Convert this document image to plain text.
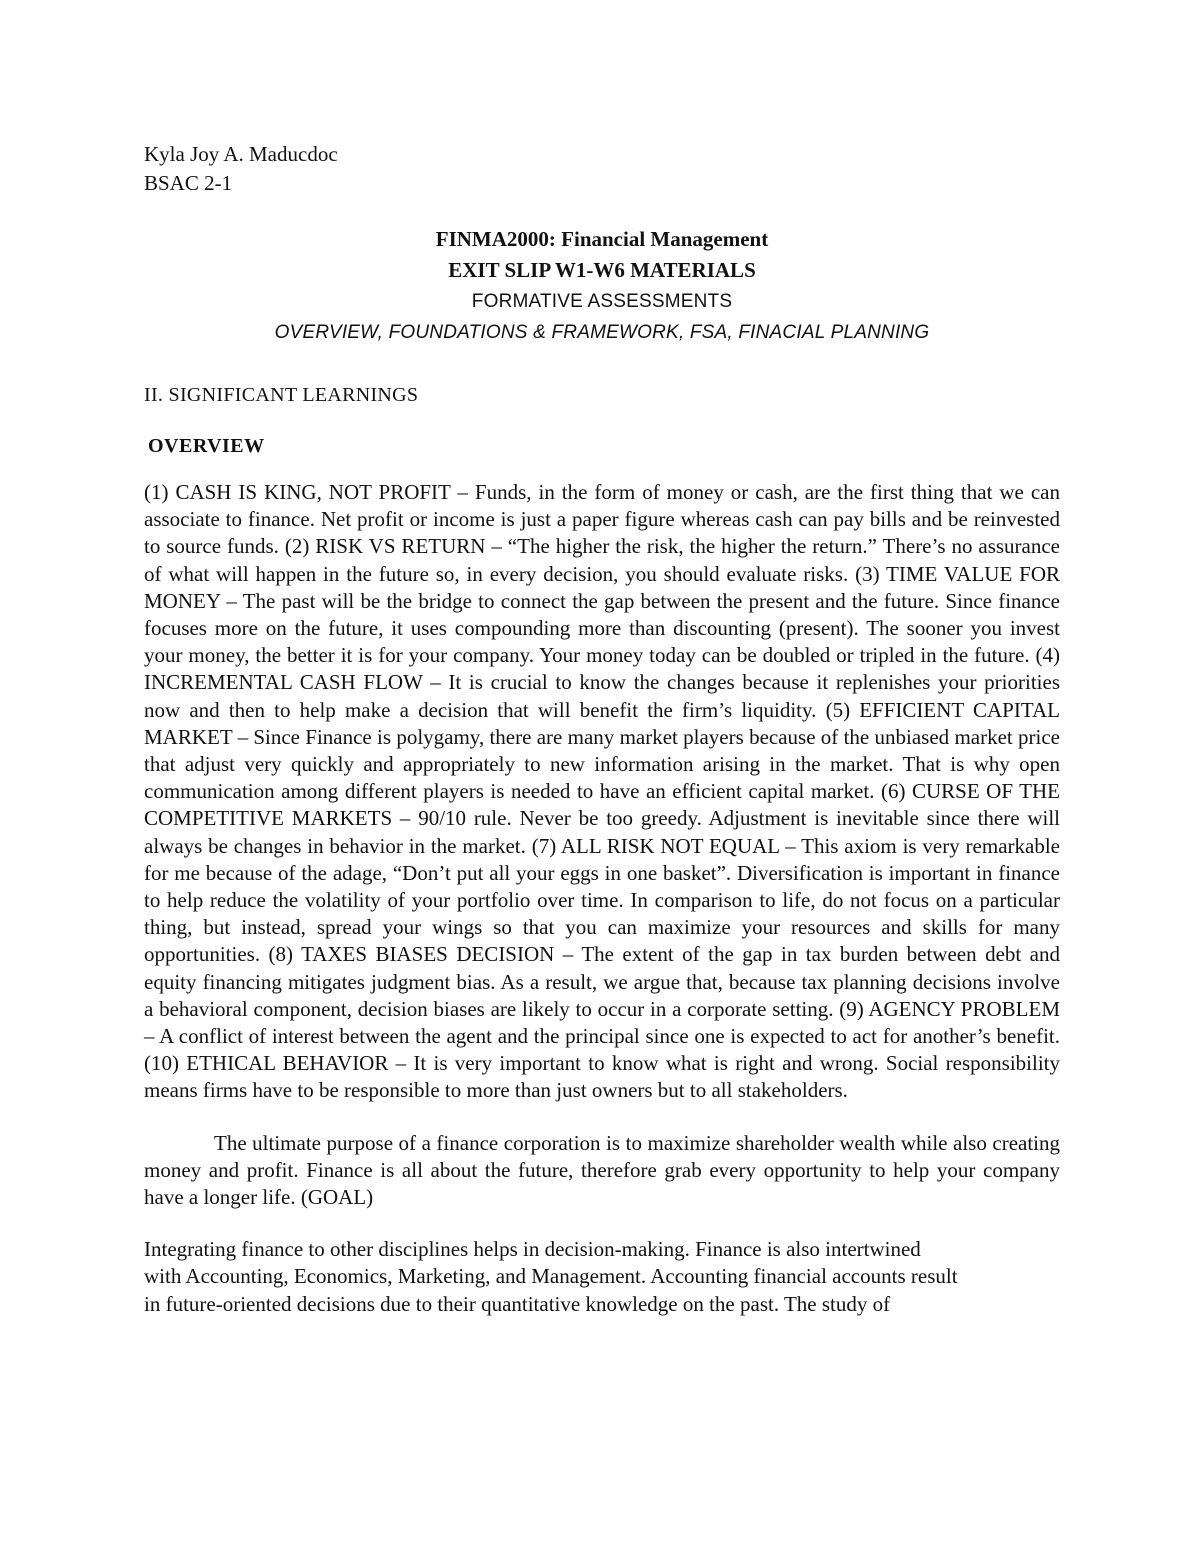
Kyla Joy A. Maducdoc

BSAC 2-1

FINMA2000: Financial Management

EXIT SLIP W1-W6 MATERIALS

FORMATIVE ASSESSMENTS

OVERVIEW, FOUNDATIONS & FRAMEWORK, FSA, FINACIAL PLANNING

II. SIGNIFICANT LEARNINGS

OVERVIEW

(1) CASH IS KING, NOT PROFIT – Funds, in the form of money or cash, are the first thing that we can associate to finance. Net profit or income is just a paper figure whereas cash can pay bills and be reinvested to source funds. (2) RISK VS RETURN – “The higher the risk, the higher the return.” There’s no assurance of what will happen in the future so, in every decision, you should evaluate risks. (3) TIME VALUE FOR MONEY – The past will be the bridge to connect the gap between the present and the future. Since finance focuses more on the future, it uses compounding more than discounting (present). The sooner you invest your money, the better it is for your company. Your money today can be doubled or tripled in the future. (4) INCREMENTAL CASH FLOW – It is crucial to know the changes because it replenishes your priorities now and then to help make a decision that will benefit the firm’s liquidity. (5) EFFICIENT CAPITAL MARKET – Since Finance is polygamy, there are many market players because of the unbiased market price that adjust very quickly and appropriately to new information arising in the market. That is why open communication among different players is needed to have an efficient capital market. (6) CURSE OF THE COMPETITIVE MARKETS – 90/10 rule. Never be too greedy. Adjustment is inevitable since there will always be changes in behavior in the market. (7) ALL RISK NOT EQUAL – This axiom is very remarkable for me because of the adage, “Don’t put all your eggs in one basket”. Diversification is important in finance to help reduce the volatility of your portfolio over time. In comparison to life, do not focus on a particular thing, but instead, spread your wings so that you can maximize your resources and skills for many opportunities. (8) TAXES BIASES DECISION – The extent of the gap in tax burden between debt and equity financing mitigates judgment bias. As a result, we argue that, because tax planning decisions involve a behavioral component, decision biases are likely to occur in a corporate setting. (9) AGENCY PROBLEM – A conflict of interest between the agent and the principal since one is expected to act for another’s benefit. (10) ETHICAL BEHAVIOR – It is very important to know what is right and wrong. Social responsibility means firms have to be responsible to more than just owners but to all stakeholders.

The ultimate purpose of a finance corporation is to maximize shareholder wealth while also creating money and profit. Finance is all about the future, therefore grab every opportunity to help your company have a longer life. (GOAL)

Integrating finance to other disciplines helps in decision-making. Finance is also intertwined
with Accounting, Economics, Marketing, and Management. Accounting financial accounts result
in future-oriented decisions due to their quantitative knowledge on the past. The study of
